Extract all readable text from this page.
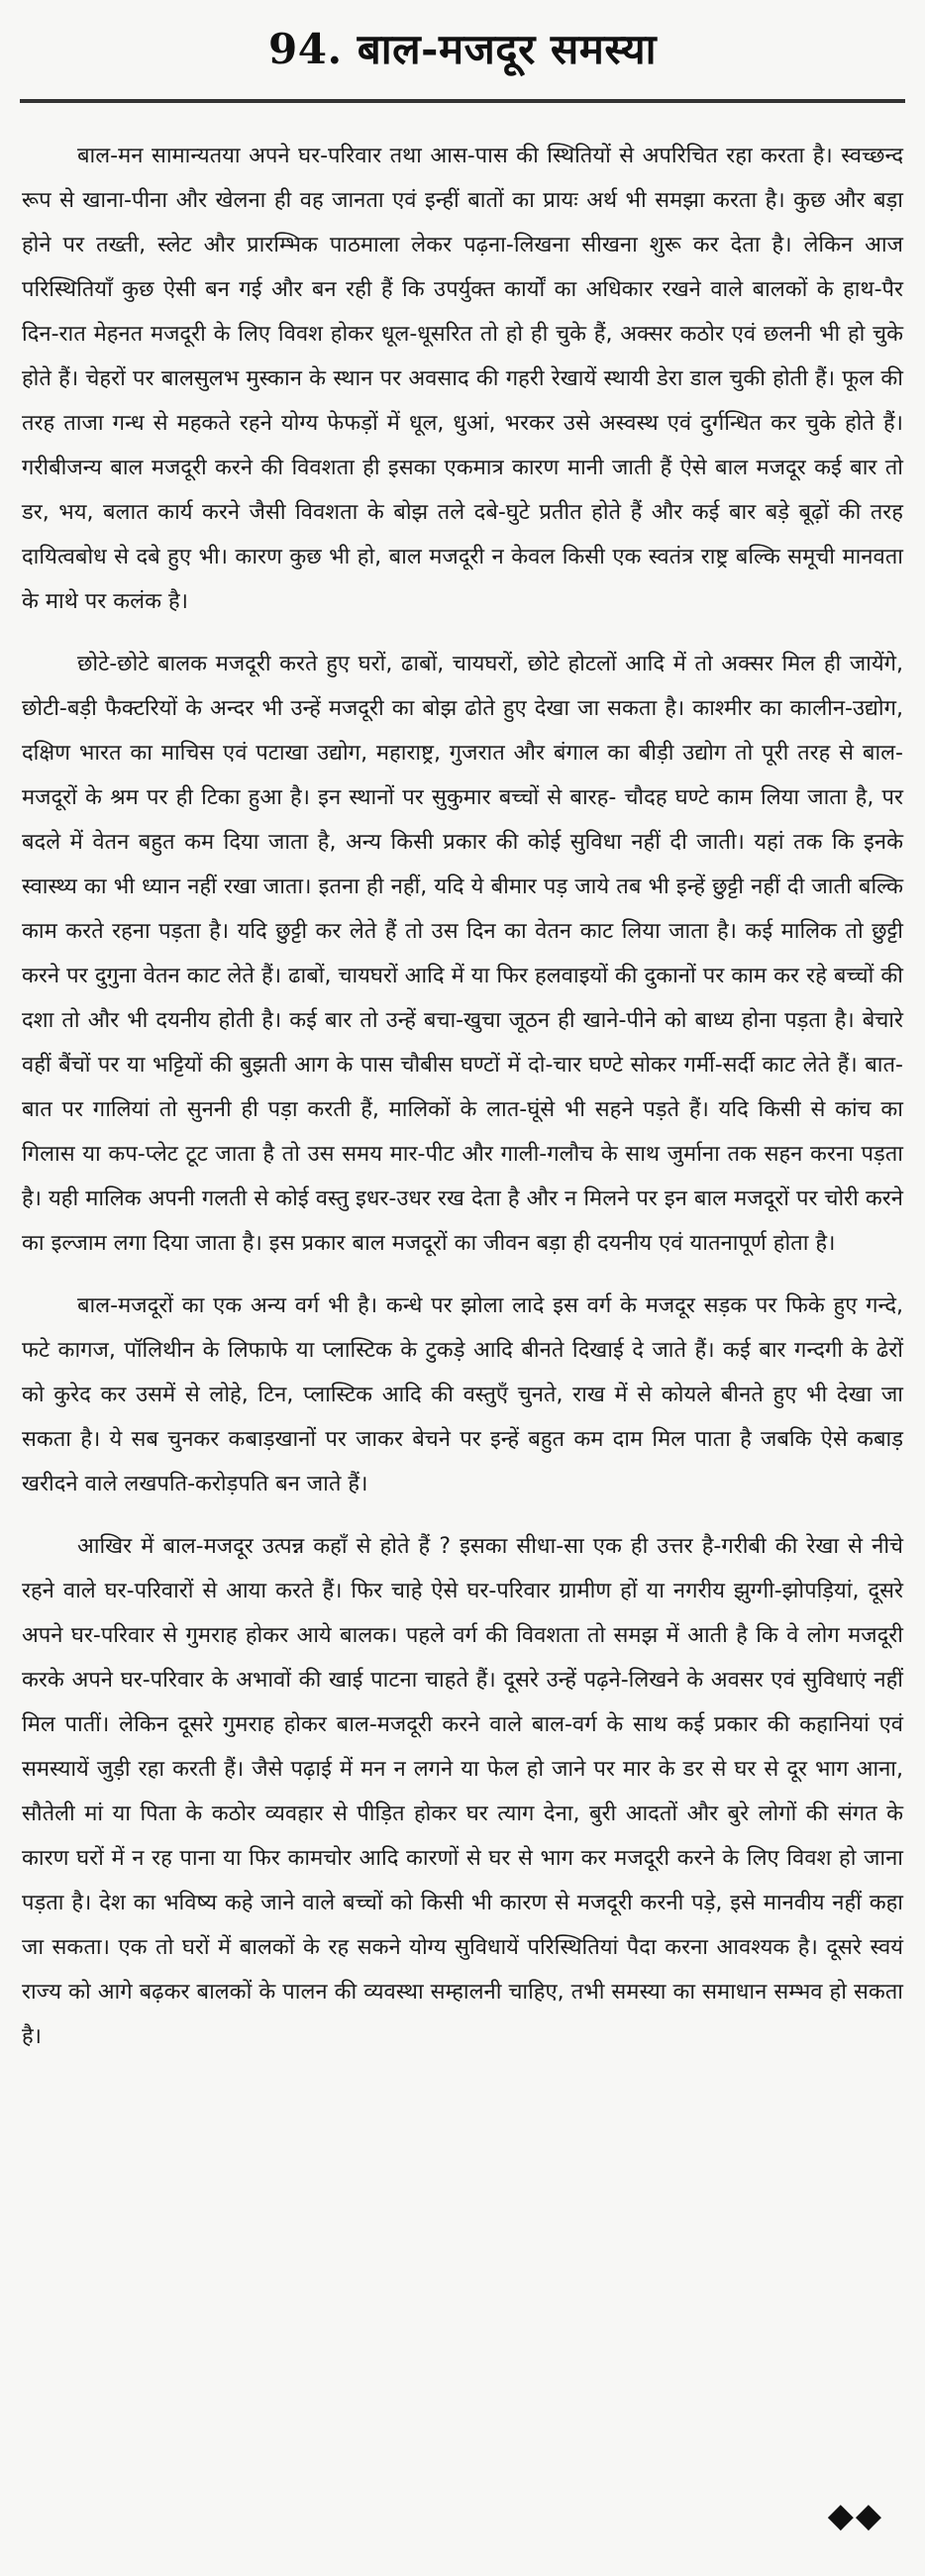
94. बाल-मजदूर समस्या

बाल-मन सामान्यतया अपने घर-परिवार तथा आस-पास की स्थितियों से अपरिचित रहा करता है। स्वच्छन्द रूप से खाना-पीना और खेलना ही वह जानता एवं इन्हीं बातों का प्रायः अर्थ भी समझा करता है। कुछ और बड़ा होने पर तख्ती, स्लेट और प्रारम्भिक पाठमाला लेकर पढ़ना-लिखना सीखना शुरू कर देता है। लेकिन आज परिस्थितियाँ कुछ ऐसी बन गई और बन रही हैं कि उपर्युक्त कार्यों का अधिकार रखने वाले बालकों के हाथ-पैर दिन-रात मेहनत मजदूरी के लिए विवश होकर धूल-धूसरित तो हो ही चुके हैं, अक्सर कठोर एवं छलनी भी हो चुके होते हैं। चेहरों पर बालसुलभ मुस्कान के स्थान पर अवसाद की गहरी रेखायें स्थायी डेरा डाल चुकी होती हैं। फूल की तरह ताजा गन्ध से महकते रहने योग्य फेफड़ों में धूल, धुआं, भरकर उसे अस्वस्थ एवं दुर्गन्धित कर चुके होते हैं। गरीबीजन्य बाल मजदूरी करने की विवशता ही इसका एकमात्र कारण मानी जाती हैं ऐसे बाल मजदूर कई बार तो डर, भय, बलात कार्य करने जैसी विवशता के बोझ तले दबे-घुटे प्रतीत होते हैं और कई बार बड़े बूढ़ों की तरह दायित्वबोध से दबे हुए भी। कारण कुछ भी हो, बाल मजदूरी न केवल किसी एक स्वतंत्र राष्ट्र बल्कि समूची मानवता के माथे पर कलंक है।

छोटे-छोटे बालक मजदूरी करते हुए घरों, ढाबों, चायघरों, छोटे होटलों आदि में तो अक्सर मिल ही जायेंगे, छोटी-बड़ी फैक्टरियों के अन्दर भी उन्हें मजदूरी का बोझ ढोते हुए देखा जा सकता है। काश्मीर का कालीन-उद्योग, दक्षिण भारत का माचिस एवं पटाखा उद्योग, महाराष्ट्र, गुजरात और बंगाल का बीड़ी उद्योग तो पूरी तरह से बाल-मजदूरों के श्रम पर ही टिका हुआ है। इन स्थानों पर सुकुमार बच्चों से बारह- चौदह घण्टे काम लिया जाता है, पर बदले में वेतन बहुत कम दिया जाता है, अन्य किसी प्रकार की कोई सुविधा नहीं दी जाती। यहां तक कि इनके स्वास्थ्य का भी ध्यान नहीं रखा जाता। इतना ही नहीं, यदि ये बीमार पड़ जाये तब भी इन्हें छुट्टी नहीं दी जाती बल्कि काम करते रहना पड़ता है। यदि छुट्टी कर लेते हैं तो उस दिन का वेतन काट लिया जाता है। कई मालिक तो छुट्टी करने पर दुगुना वेतन काट लेते हैं। ढाबों, चायघरों आदि में या फिर हलवाइयों की दुकानों पर काम कर रहे बच्चों की दशा तो और भी दयनीय होती है। कई बार तो उन्हें बचा-खुचा जूठन ही खाने-पीने को बाध्य होना पड़ता है। बेचारे वहीं बैंचों पर या भट्टियों की बुझती आग के पास चौबीस घण्टों में दो-चार घण्टे सोकर गर्मी-सर्दी काट लेते हैं। बात-बात पर गालियां तो सुननी ही पड़ा करती हैं, मालिकों के लात-घूंसे भी सहने पड़ते हैं। यदि किसी से कांच का गिलास या कप-प्लेट टूट जाता है तो उस समय मार-पीट और गाली-गलौच के साथ जुर्माना तक सहन करना पड़ता है। यही मालिक अपनी गलती से कोई वस्तु इधर-उधर रख देता है और न मिलने पर इन बाल मजदूरों पर चोरी करने का इल्जाम लगा दिया जाता है। इस प्रकार बाल मजदूरों का जीवन बड़ा ही दयनीय एवं यातनापूर्ण होता है।

बाल-मजदूरों का एक अन्य वर्ग भी है। कन्धे पर झोला लादे इस वर्ग के मजदूर सड़क पर फिके हुए गन्दे, फटे कागज, पॉलिथीन के लिफाफे या प्लास्टिक के टुकड़े आदि बीनते दिखाई दे जाते हैं। कई बार गन्दगी के ढेरों को कुरेद कर उसमें से लोहे, टिन, प्लास्टिक आदि की वस्तुएँ चुनते, राख में से कोयले बीनते हुए भी देखा जा सकता है। ये सब चुनकर कबाड़खानों पर जाकर बेचने पर इन्हें बहुत कम दाम मिल पाता है जबकि ऐसे कबाड़ खरीदने वाले लखपति-करोड़पति बन जाते हैं।

आखिर में बाल-मजदूर उत्पन्न कहाँ से होते हैं ? इसका सीधा-सा एक ही उत्तर है-गरीबी की रेखा से नीचे रहने वाले घर-परिवारों से आया करते हैं। फिर चाहे ऐसे घर-परिवार ग्रामीण हों या नगरीय झुग्गी-झोपड़ियां, दूसरे अपने घर-परिवार से गुमराह होकर आये बालक। पहले वर्ग की विवशता तो समझ में आती है कि वे लोग मजदूरी करके अपने घर-परिवार के अभावों की खाई पाटना चाहते हैं। दूसरे उन्हें पढ़ने-लिखने के अवसर एवं सुविधाएं नहीं मिल पातीं। लेकिन दूसरे गुमराह होकर बाल-मजदूरी करने वाले बाल-वर्ग के साथ कई प्रकार की कहानियां एवं समस्यायें जुड़ी रहा करती हैं। जैसे पढ़ाई में मन न लगने या फेल हो जाने पर मार के डर से घर से दूर भाग आना, सौतेली मां या पिता के कठोर व्यवहार से पीड़ित होकर घर त्याग देना, बुरी आदतों और बुरे लोगों की संगत के कारण घरों में न रह पाना या फिर कामचोर आदि कारणों से घर से भाग कर मजदूरी करने के लिए विवश हो जाना पड़ता है। देश का भविष्य कहे जाने वाले बच्चों को किसी भी कारण से मजदूरी करनी पड़े, इसे मानवीय नहीं कहा जा सकता। एक तो घरों में बालकों के रह सकने योग्य सुविधायें परिस्थितियां पैदा करना आवश्यक है। दूसरे स्वयं राज्य को आगे बढ़कर बालकों के पालन की व्यवस्था सम्हालनी चाहिए, तभी समस्या का समाधान सम्भव हो सकता है।

◆◆
